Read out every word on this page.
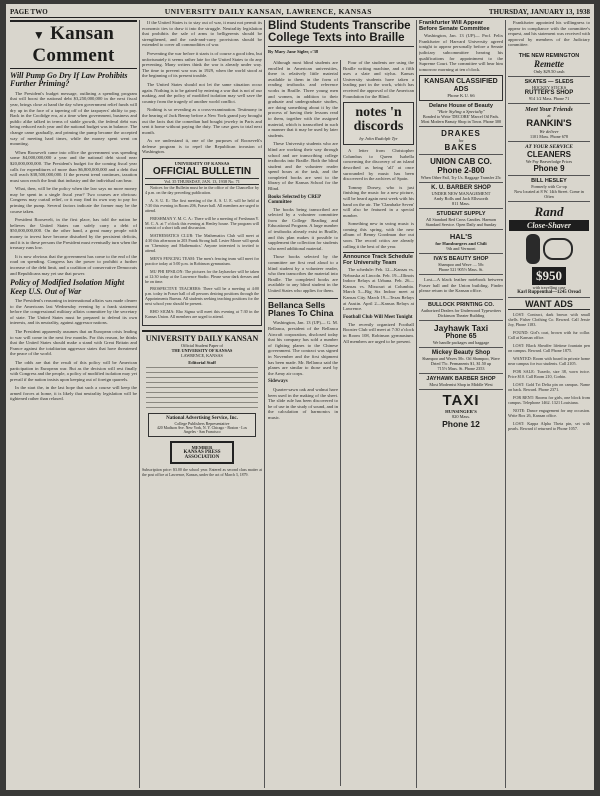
PAGE TWO	UNIVERSITY DAILY KANSAN, LAWRENCE, KANSAS	THURSDAY, JANUARY 13, 1938
▼ Kansan Comment
Will Pump Go Dry If Law Prohibits Further Priming?

The President's budget message, outlining a spending program that will boost the national debt $3,250,000,000 in the next fiscal year, brings close at hand the day when government relief funds will dry up in the face of a tapering off of the taxpayers' ability to pay. Back in the Coolidge era, at a time when government, business and public alike talked in terms of stable growth, the federal debt was being reduced each year and the national budget was in balance. The change came gradually, and priming the pump became the accepted way of meeting hard times, while the money spent went on mounting.

When Roosevelt came into office the government was spending some $4,000,000,000 a year and the national debt stood near $20,000,000,000. The President's budget for the coming fiscal year calls for expenditures of more than $6,800,000,000 and a debt that will reach $38,500,000,000. If the present trend continues, taxation must soon reach the limit that industry and the individual can bear.

What, then, will be the policy when the law says no more money may be spent in a single fiscal year? Two courses are obvious: Congress may curtail relief, or it may find its own way to pay for priming the pump. Several factors indicate the former may be the course taken.

President Roosevelt, in the first place, has told the nation he believes the United States can safely carry a debt of $50,000,000,000. On the other hand, a great many people with money to invest have become disturbed by the persistent deficits, and it is to these persons the President must eventually turn when the treasury runs low.

It is now obvious that the government has come to the end of the road on spending. Congress has the power to prohibit a further increase of the debt limit, and a coalition of conservative Democrats and Republicans may yet use that power.

Policy of Modified Isolation Might Keep U.S. Out of War

The President's reasoning in international affairs was made clearer to the Americans last Wednesday evening by a frank statement before the congressional military affairs committee by the secretary of state. The United States must be prepared to defend its own interests, and its neutrality, against aggressor nations.

The President apparently assumes that an European crisis leading to war will come in the next few months. For this reason, he thinks that the United States should make a stand with Great Britain and France against the totalitarian aggressor states that have threatened the peace of the world.

The odds are that the result of this policy will be American participation in European war. But as the decision will rest finally with Congress and the people, a policy of modified isolation may yet prevail if the nation insists upon keeping out of foreign quarrels.

In the start the, in the last hope that such a course will keep the armed forces at home, it is likely that neutrality legislation will be tightened rather than relaxed.

If the United States is to stay out of war, it must not permit its economic ties to draw it into the struggle. Neutrality legislation that prohibits the sale of arms to belligerents should be strengthened, and the cash-and-carry provisions should be extended to cover all commodities of war.

Preventing the war before it starts is of course a good idea, but unfortunately it seems rather late for the United States to do any preventing. Many writers think the war is already under way. The time to prevent war was in 1929, when the world stood at the beginning of its present trouble.

The United States should not let the same situation occur again. Nothing is to be gained by entering a war that is not of our making, and the policy of modified isolation may well save the country from the tragedy of another world conflict.

Nothing is so revealing as a cross-examination. Testimony in the hearing of Jack Benny before a New York grand jury brought out the facts that the comedian had bought jewelry in Paris and sent it home without paying the duty. The case goes to trial next month.

As we understand it, one of the purposes of Roosevelt's defense program is to repel the Republican invasion of Washington.

UNIVERSITY OF KANSAS
OFFICIAL BULLETIN
Vol. 35 THURSDAY, JAN. 13, 1938 No. 71

Notices for the Bulletin must be in the office of the Chancellor by 4 p.m. on the day preceding publication.

A. S. U. E.: The first meeting of the A. S. U. E. will be held at 7:30 this evening in Room 206, Fraser hall. All members are urged to attend.

FRESHMAN Y. M. C. A.: There will be a meeting of Freshman Y. M. C. A. at 7 o'clock this evening at Henley house. The program will consist of a short talk and discussion.

MATHEMATICS CLUB: The Mathematics Club will meet at 4:30 this afternoon in 203 Frank Strong hall. Lester Moore will speak on 'Chemistry and Mathematics.' Anyone interested is invited to attend.

MEN'S FENCING TEAM: The men's fencing team will meet for practice today at 5:00 p.m. in Robinson gymnasium.

MU PHI EPSILON: The pictures for the Jayhawker will be taken at 12:30 today at the Lawrence Studio. Please wear dark dresses and be on time.

PROSPECTIVE TEACHERS: There will be a meeting at 4:00 p.m. today in Fraser hall of all persons desiring positions through the Appointments Bureau. All students seeking teaching positions for the next school year should be present.

RHO SIGMA: Rho Sigma will meet this evening at 7:30 in the Kansas Union. All members are urged to attend.

UNIVERSITY DAILY KANSAN
Official Student Paper of
THE UNIVERSITY OF KANSAS
LAWRENCE, KANSAS
Editorial Staff
National Advertising Service, Inc.
College Publishers Representative
420 Madison Ave. New York, N. Y. Chicago - Boston - Los Angeles - San Francisco
MEMBER
KANSAS PRESS ASSOCIATION
Subscription price: $3.00 the school year. Entered as second class matter at the post office at Lawrence, Kansas, under the act of March 3, 1879.
Blind Students Transcribe College Texts into Braille
By Mary Jane Sigler, c'38

Although most blind students are enrolled in American universities, there is relatively little material available to them in the form of reading textbooks and reference works in Braille. Three young men and women, in addition to their graduate and undergraduate studies, are doing something about it by the process of having their lessons read to them, together with the assigned material, which is transcribed in such a manner that it may be used by later students.

These University students who are blind are working their way through school and are transcribing college textbooks into Braille. Both the blind student and the volunteer reader spend hours at the task, and the completed books are sent to the library of the Kansas School for the Blind.

Books Selected by CREP Committee

The books being transcribed are selected by a volunteer committee from the College Reading and Educational Program. A large number of textbooks already exist in Braille, and this plan makes it possible to supplement the collection for students who need additional material.

Those books selected by the committee are first read aloud to a blind student by a volunteer reader, who then transcribes the material into Braille. The completed books are available to any blind student in the United States who applies for them.

Bellanca Sells Planes To China

Washington, Jan. 13 (UP)— G. M. Bellanca, president of the Bellanca Aircraft corporation, disclosed today that his company has sold a number of fighting planes to the Chinese government. The contract was signed in November and the first shipment has been made. Mr. Bellanca said the planes are similar to those used by the Army air corps.

Sideways

Quarter-sawn oak and walnut have been used in the making of the sheet. The slide rule has been discovered to be of use in the study of sound, and in the calculation of harmonics in music.

Four of the students are using the Braille writing machine, and a fifth uses a slate and stylus. Kansas University students have taken a leading part in the work, which has received the approval of the American Foundation for the Blind.

notes 'n discords
by John Rudolph Tyr

A letter from Christopher Columbus to Queen Isabella concerning the discovery of an island described as being 'all' at once surrounded by music has been discovered in the archives of Spain.

Tommy Dorsey, who is just finishing the music for a new picture, will be heard again next week with his band on the air. The 'Clambake Seven' will also be featured in a special number.

Something new in swing music is coming this spring, with the new album of Benny Goodman due out soon. The record critics are already calling it the best of the year.

Announce Track Schedule For University Team

The schedule: Feb. 12—Kansas vs. Nebraska at Lincoln. Feb. 19—Illinois Indoor Relays at Urbana. Feb. 26—Kansas vs. Missouri at Columbia. March 5—Big Six Indoor meet at Kansas City. March 19—Texas Relays at Austin. April 2—Kansas Relays at Lawrence.

Football Club Will Meet Tonight

The recently organized Football Booster Club will meet at 7:30 o'clock in Room 108, Robinson gymnasium. All members are urged to be present.

Frankfurter Will Appear Before Senate Committee

Washington, Jan. 13 (UP)— Prof. Felix Frankfurter of Harvard University agreed tonight to appear personally before a Senate judiciary subcommittee hearing his qualifications for appointment to the Supreme Court. The committee will hear him tomorrow morning at ten o'clock.

KANSAN CLASSIFIED ADS
Phone K.U. 66
Delane House of Beauty
"Hair Styling a Specialty"
Bonded to Write 'DECORE' Marcel Oil Pads. Most Modern Beauty Shop in Town. Phone 300
DRAKES
for
BAKES
UNION CAB CO.
Phone 2-800
When Other Fail, Try Us. Baggage Transfer 25c
K. U. BARBER SHOP
UNDER NEW MANAGEMENT
Andy Rolls and Jack Ellsworth
811 Mass.
STUDENT SUPPLY
All Standard Red Cross Candies. Harmon Standard Service. Open Daily and Sunday
HAL'S
for Hamburgers and Chili
9th and Vermont
IVA'S BEAUTY SHOP
Shampoo and Wave .... 50c
Phone 521 905½ Mass. St.

Lost—A black leather notebook between Fraser hall and the Union building. Finder please return to the Kansan office.

BULLOCK PRINTING CO.
Authorized Dealers for Underwood Typewriters
Dickinson Theater Building
Jayhawk Taxi
Phone 65
We handle packages and baggage
Mickey Beauty Shop
Shampoo and Waves 50c. Oil Shampoo, Wave Dried 75c. Permanents $1, $1.50 up
715½ Mass. St. Phone 2353
JAYHAWK BARBER SHOP
Most Modernist Shop in Middle West
TAXI
HUNSINGER'S
820 Mass.
Phone 12

Frankfurter appointed his willingness to appear in compliance with the committee's request, and his statement was received with approval by members of the Judiciary committee.

THE NEW REMINGTON
Remette
Only $29.50 cash
SKATES — SLEDS
HOCKEY STICKS
RUTTER'S SHOP
914 1/2 Mass. Phone 71
Meet Your Friends
at
RANKIN'S
We deliver
1101 Mass. Phone 678
AT YOUR SERVICE
CLEANERS
We Pay Beaverlodge Prices
Phone 9
BILL HESLEY
Formerly with Co-op
Now located at 8 W. 14th Street. Come in Often
Rand
Close-Shaver
$950
with travelling case
Karl Ruppenthal—1245 Oread
WANT ADS

LOST: Contract, dark brown with small shells. Fisher Clothing Co. Reward. Call Jessie Joy, Phone 1183.

FOUND: Girl's coat, brown with fur collar. Call at Kansan office.

LOST: Black Sheaffer lifetime fountain pen on campus. Reward. Call Phone 1875.

WANTED: Room with board in private home near campus for two students. Call 2105.

FOR SALE: Tuxedo, size 38, worn twice. Price $10. Call Room 210, Corbin.

LOST: Gold Tri Delta pin on campus. Name on back. Reward. Phone 2371.

FOR RENT: Rooms for girls, one block from campus. Telephone 1462. 1321 Louisiana.

NOTE: Dance engagement for any occasion. Write Box 26, Kansan office.

LOST: Kappa Alpha Theta pin, set with pearls. Reward if returned to Phone 1057.
